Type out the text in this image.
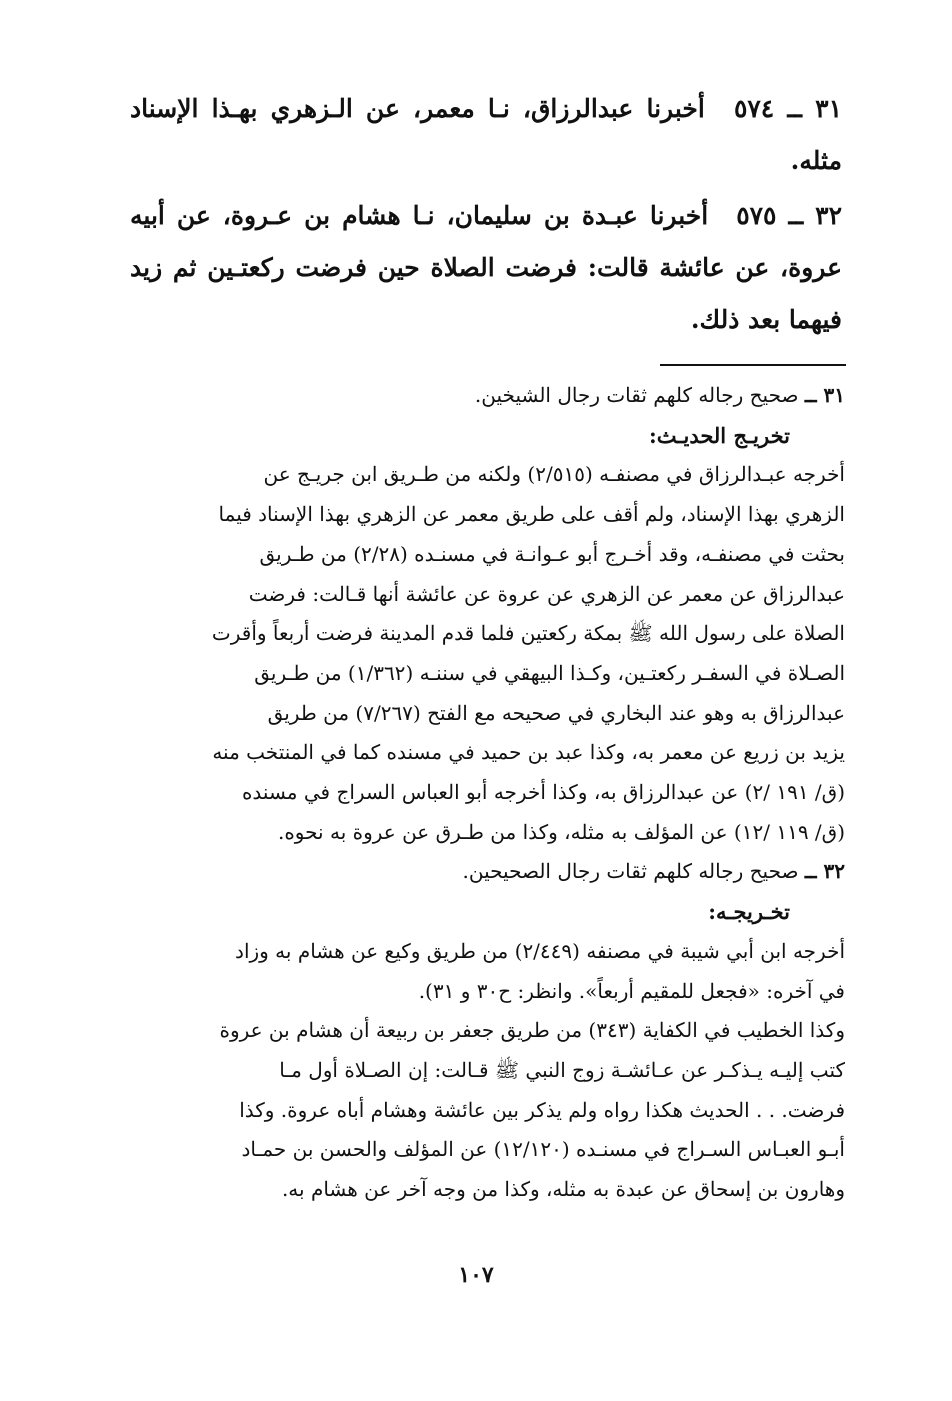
٣١ ــ ٥٧٤ أخبرنا عبدالرزاق، نـا معمر، عن الـزهري بهـذا الإسناد مثله.

٣٢ ــ ٥٧٥ أخبرنا عبـدة بن سليمان، نـا هشام بن عـروة، عن أبيه عروة، عن عائشة قالت: فرضت الصلاة حين فرضت ركعتـين ثم زيد فيهما بعد ذلك.

٣١ ــ صحيح رجاله كلهم ثقات رجال الشيخين.
تخريـج الحديـث:
أخرجه عبـدالرزاق في مصنفـه (٢/٥١٥) ولكنه من طـريق ابن جريـج عن
الزهري بهذا الإسناد، ولم أقف على طريق معمر عن الزهري بهذا الإسناد فيما
بحثت في مصنفـه، وقد أخـرج أبو عـوانـة في مسنـده (٢/٢٨) من طـريق
عبدالرزاق عن معمر عن الزهري عن عروة عن عائشة أنها قـالت: فرضت
الصلاة على رسول الله ﷺ بمكة ركعتين فلما قدم المدينة فرضت أربعاً وأقرت
الصـلاة في السفـر ركعتـين، وكـذا البيهقي في سننـه (١/٣٦٢) من طـريق
عبدالرزاق به وهو عند البخاري في صحيحه مع الفتح (٧/٢٦٧) من طريق
يزيد بن زريع عن معمر به، وكذا عبد بن حميد في مسنده كما في المنتخب منه
(ق/ ١٩١ /٢) عن عبدالرزاق به، وكذا أخرجه أبو العباس السراج في مسنده
(ق/ ١١٩ /١٢) عن المؤلف به مثله، وكذا من طـرق عن عروة به نحوه.
٣٢ ــ صحيح رجاله كلهم ثقات رجال الصحيحين.
تخـريجـه:
أخرجه ابن أبي شيبة في مصنفه (٢/٤٤٩) من طريق وكيع عن هشام به وزاد
في آخره: «فجعل للمقيم أربعاً». وانظر: ح٣٠ و ٣١).
وكذا الخطيب في الكفاية (٣٤٣) من طريق جعفر بن ربيعة أن هشام بن عروة
كتب إليـه يـذكـر عن عـائشـة زوج النبي ﷺ قـالت: إن الصـلاة أول مـا
فرضت. . . الحديث هكذا رواه ولم يذكر بين عائشة وهشام أباه عروة. وكذا
أبـو العبـاس السـراج في مسنـده (١٢/١٢٠) عن المؤلف والحسن بن حمـاد
وهارون بن إسحاق عن عبدة به مثله، وكذا من وجه آخر عن هشام به.
١٠٧
